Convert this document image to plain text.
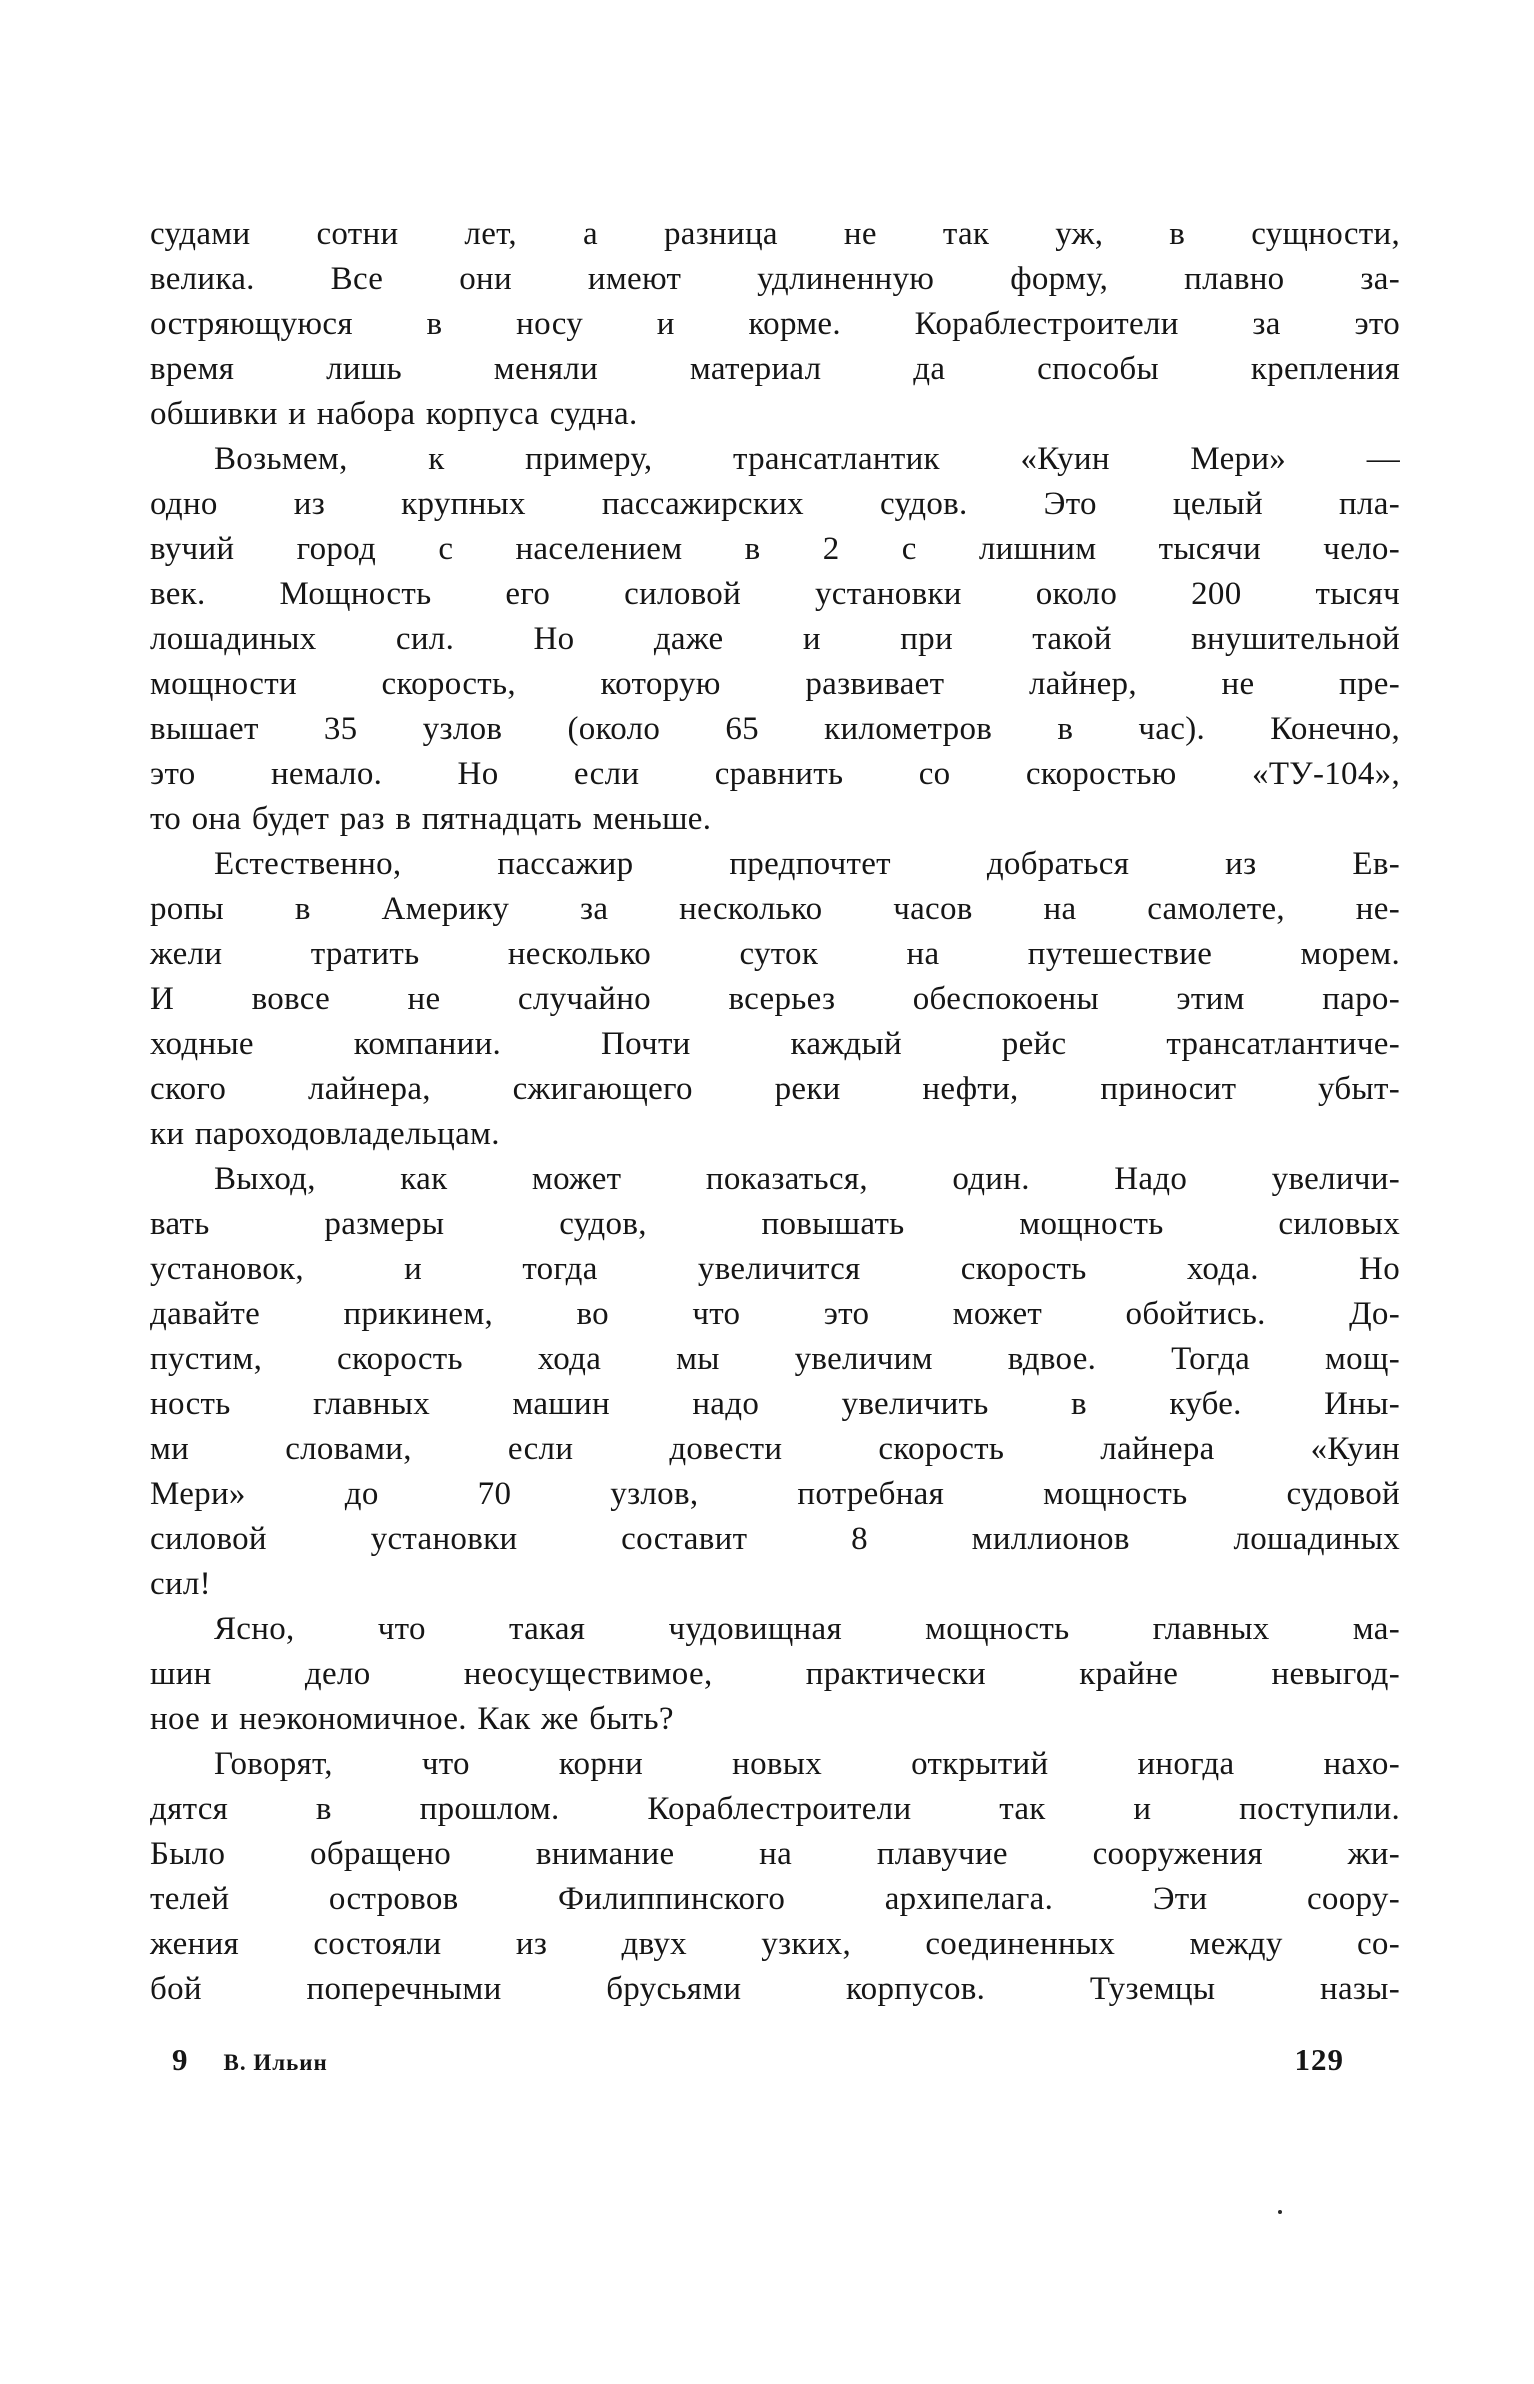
судами сотни лет, а разница не так уж, в сущности,
велика. Все они имеют удлиненную форму, плавно за-
остряющуюся в носу и корме. Кораблестроители за это
время лишь меняли материал да способы крепления
обшивки и набора корпуса судна.
Возьмем, к примеру, трансатлантик «Куин Мери» —
одно из крупных пассажирских судов. Это целый пла-
вучий город с населением в 2 с лишним тысячи чело-
век. Мощность его силовой установки около 200 тысяч
лошадиных сил. Но даже и при такой внушительной
мощности скорость, которую развивает лайнер, не пре-
вышает 35 узлов (около 65 километров в час). Конечно,
это немало. Но если сравнить со скоростью «ТУ-104»,
то она будет раз в пятнадцать меньше.
Естественно, пассажир предпочтет добраться из Ев-
ропы в Америку за несколько часов на самолете, не-
жели тратить несколько суток на путешествие морем.
И вовсе не случайно всерьез обеспокоены этим паро-
ходные компании. Почти каждый рейс трансатлантиче-
ского лайнера, сжигающего реки нефти, приносит убыт-
ки пароходовладельцам.
Выход, как может показаться, один. Надо увеличи-
вать размеры судов, повышать мощность силовых
установок, и тогда увеличится скорость хода. Но
давайте прикинем, во что это может обойтись. До-
пустим, скорость хода мы увеличим вдвое. Тогда мощ-
ность главных машин надо увеличить в кубе. Ины-
ми словами, если довести скорость лайнера «Куин
Мери» до 70 узлов, потребная мощность судовой
силовой установки составит 8 миллионов лошадиных
сил!
Ясно, что такая чудовищная мощность главных ма-
шин дело неосуществимое, практически крайне невыгод-
ное и неэкономичное. Как же быть?
Говорят, что корни новых открытий иногда нахо-
дятся в прошлом. Кораблестроители так и поступили.
Было обращено внимание на плавучие сооружения жи-
телей островов Филиппинского архипелага. Эти соору-
жения состояли из двух узких, соединенных между со-
бой поперечными брусьями корпусов. Туземцы назы-
9 В. Ильин	129
